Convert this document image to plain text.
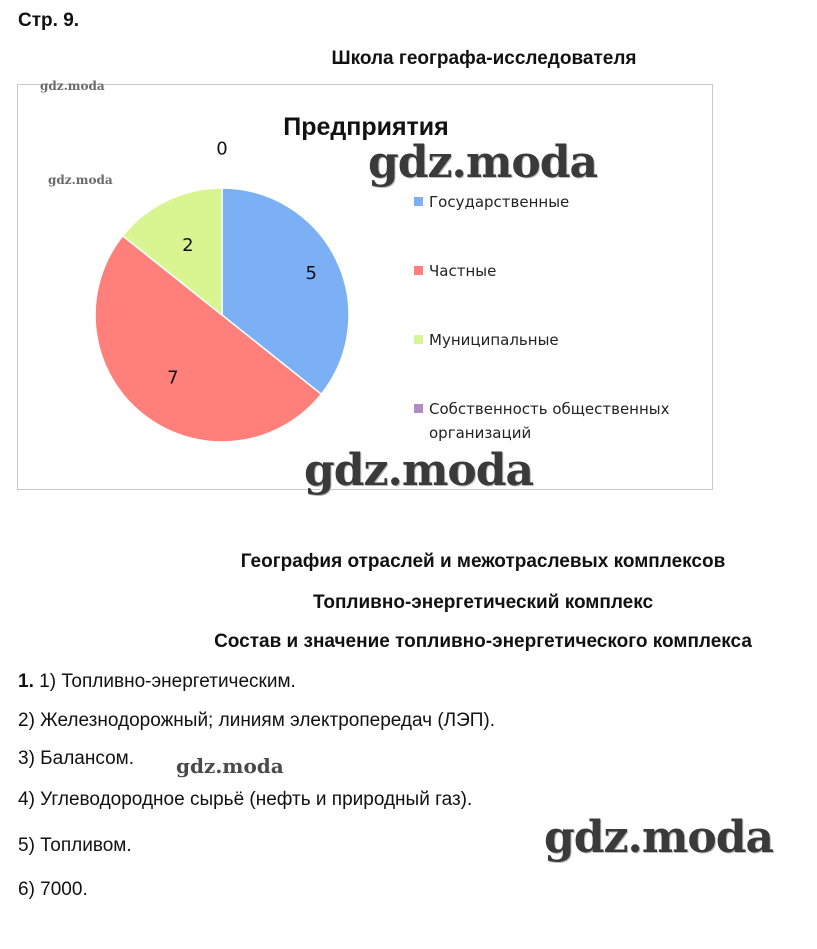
Стр. 9.
Школа географа-исследователя
Предприятия
5
7
2
0
Государственные
Частные
Муниципальные
Собственность общественных
организаций
gdz.moda
gdz.moda	gdz.moda
gdz.moda
География отраслей и межотраслевых комплексов
Топливно-энергетический комплекс
Состав и значение топливно-энергетического комплекса
1. 1) Топливно-энергетическим.
2) Железнодорожный; линиям электропередач (ЛЭП).
3) Балансом.
4) Углеводородное сырьё (нефть и природный газ).
5) Топливом.
6) 7000.
gdz.moda
gdz.moda
